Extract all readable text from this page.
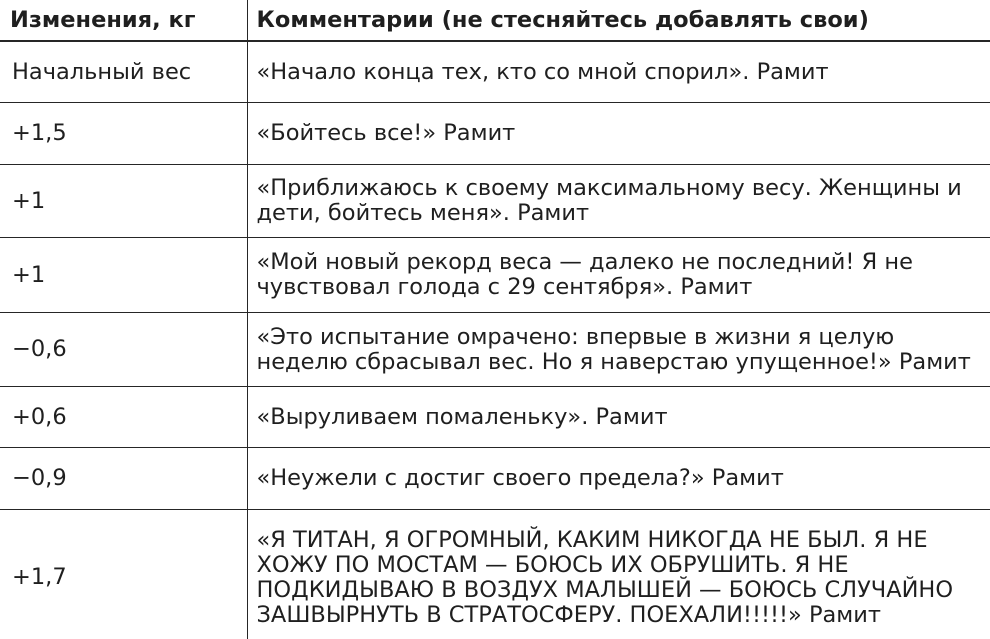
Изменения, кг	Комментарии (не стесняйтесь добавлять свои)
Начальный вес	«Начало конца тех, кто со мной спорил». Рамит
+1,5	«Бойтесь все!» Рамит
+1	«Приближаюсь к своему максимальному весу. Женщины и дети, бойтесь меня». Рамит
+1	«Мой новый рекорд веса — далеко не последний! Я не чувствовал голода с 29 сентября». Рамит
−0,6	«Это испытание омрачено: впервые в жизни я целую неделю сбрасывал вес. Но я наверстаю упущенное!» Рамит
+0,6	«Выруливаем помаленьку». Рамит
−0,9	«Неужели с достиг своего предела?» Рамит
+1,7	«Я ТИТАН, Я ОГРОМНЫЙ, КАКИМ НИКОГДА НЕ БЫЛ. Я НЕ ХОЖУ ПО МОСТАМ — БОЮСЬ ИХ ОБРУШИТЬ. Я НЕ ПОДКИДЫВАЮ В ВОЗДУХ МАЛЫШЕЙ — БОЮСЬ СЛУЧАЙНО ЗАШВЫРНУТЬ В СТРАТОСФЕРУ. ПОЕХАЛИ!!!!!» Рамит
